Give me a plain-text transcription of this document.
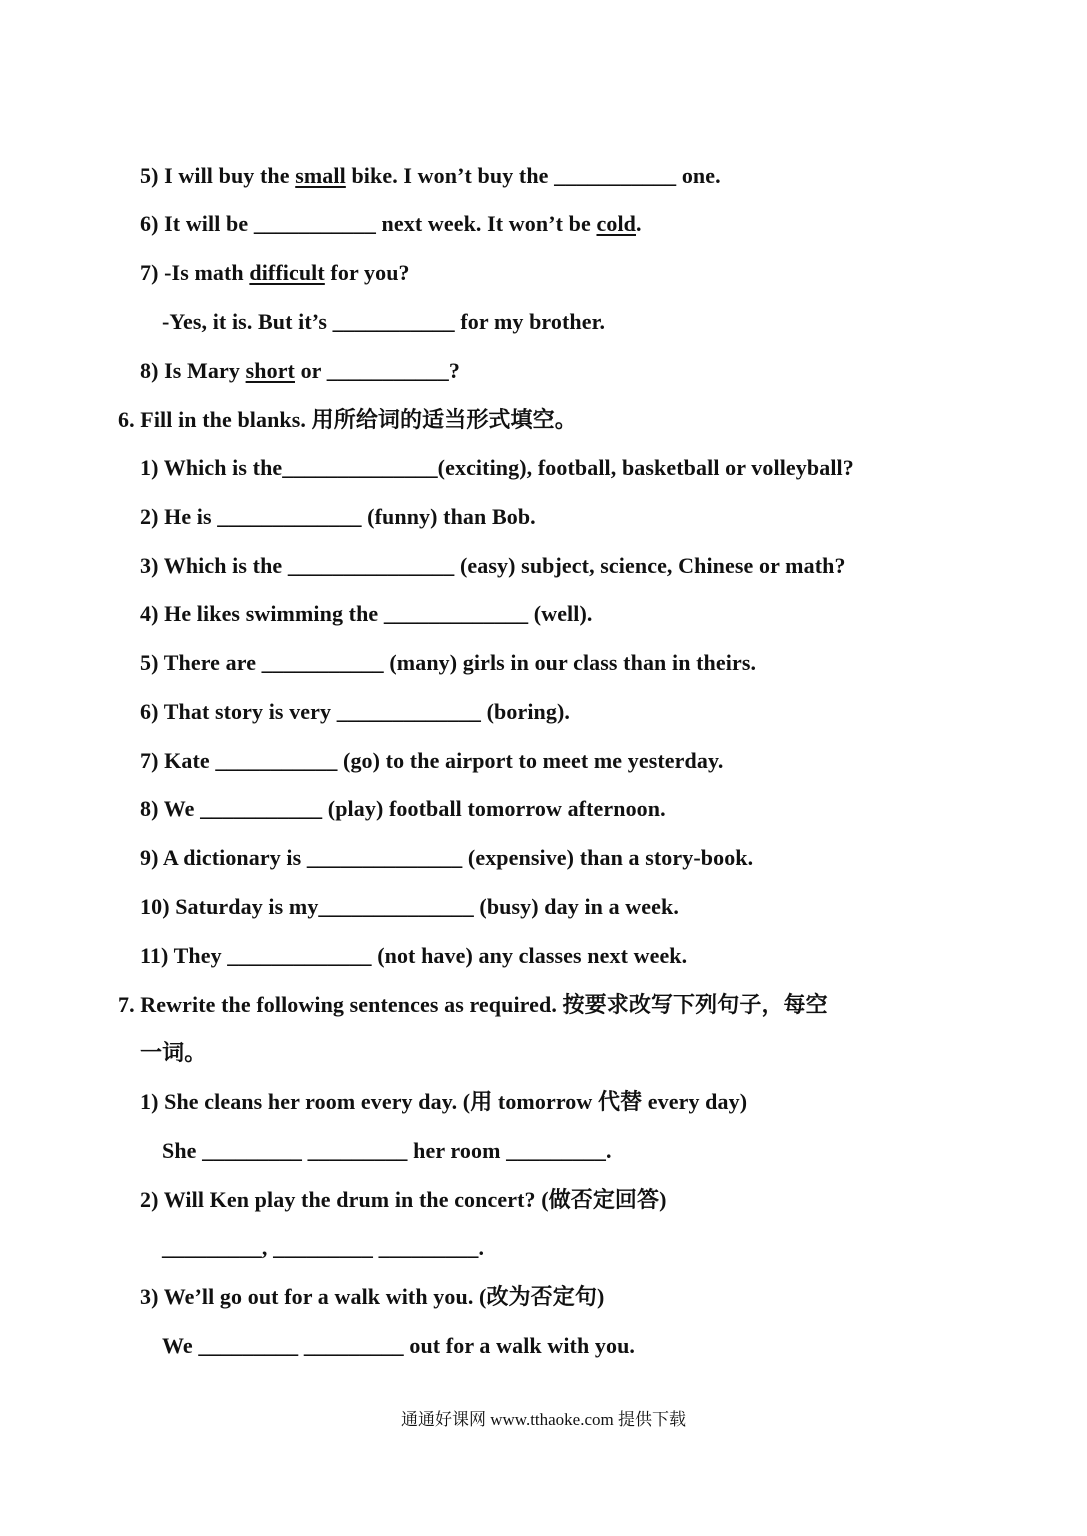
5) I will buy the small bike. I won’t buy the ___________ one.
6) It will be ___________ next week. It won’t be cold.
7) -Is math difficult for you?
-Yes, it is. But it’s ___________ for my brother.
8) Is Mary short or ___________?
6. Fill in the blanks. 用所给词的适当形式填空。
1) Which is the______________(exciting), football, basketball or volleyball?
2) He is _____________ (funny) than Bob.
3) Which is the _______________ (easy) subject, science, Chinese or math?
4) He likes swimming the _____________ (well).
5) There are ___________ (many) girls in our class than in theirs.
6) That story is very _____________ (boring).
7) Kate ___________ (go) to the airport to meet me yesterday.
8) We ___________ (play) football tomorrow afternoon.
9) A dictionary is ______________ (expensive) than a story-book.
10) Saturday is my______________ (busy) day in a week.
11) They _____________ (not have) any classes next week.
7. Rewrite the following sentences as required. 按要求改写下列句子，每空
一词。
1) She cleans her room every day. (用 tomorrow 代替 every day)
She _________ _________ her room _________.
2) Will Ken play the drum in the concert? (做否定回答)
_________, _________ _________.
3) We’ll go out for a walk with you. (改为否定句)
We _________ _________ out for a walk with you.
通通好课网 www.tthaoke.com 提供下载
